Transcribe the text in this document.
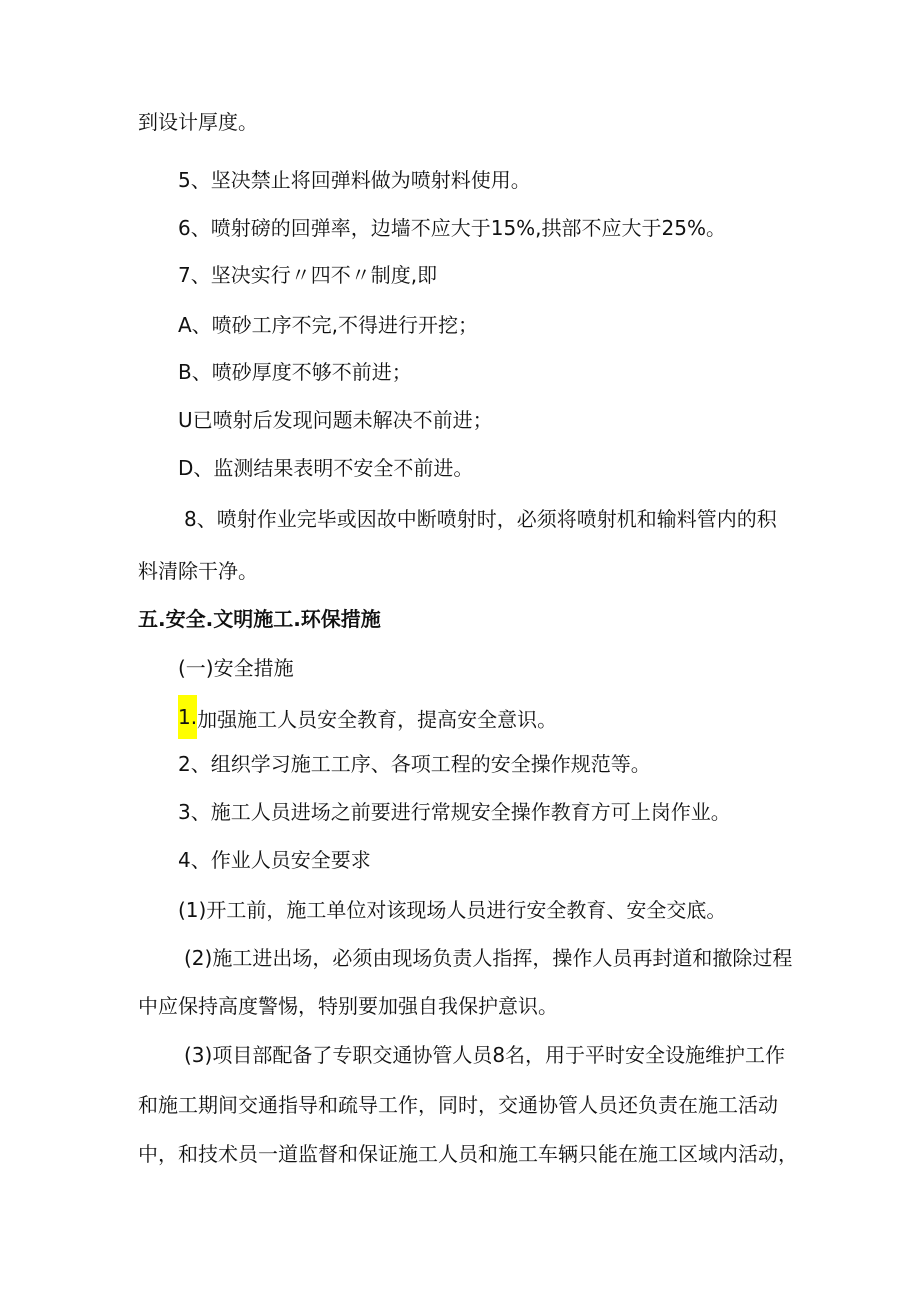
到设计厚度。
5、坚决禁止将回弹料做为喷射料使用。
6、喷射磅的回弹率，边墙不应大于15%,拱部不应大于25%。
7、坚决实行〃四不〃制度,即
A、喷砂工序不完,不得进行开挖；
B、喷砂厚度不够不前进；
U已喷射后发现问题未解决不前进；
D、监测结果表明不安全不前进。
8、喷射作业完毕或因故中断喷射时，必须将喷射机和输料管内的积
料清除干净。
五.安全.文明施工.环保措施
(一)安全措施
1.加强施工人员安全教育，提高安全意识。
2、组织学习施工工序、各项工程的安全操作规范等。
3、施工人员进场之前要进行常规安全操作教育方可上岗作业。
4、作业人员安全要求
(1)开工前，施工单位对该现场人员进行安全教育、安全交底。
(2)施工进出场，必须由现场负责人指挥，操作人员再封道和撤除过程
中应保持高度警惕，特别要加强自我保护意识。
(3)项目部配备了专职交通协管人员8名，用于平时安全设施维护工作
和施工期间交通指导和疏导工作，同时，交通协管人员还负责在施工活动
中，和技术员一道监督和保证施工人员和施工车辆只能在施工区域内活动，
